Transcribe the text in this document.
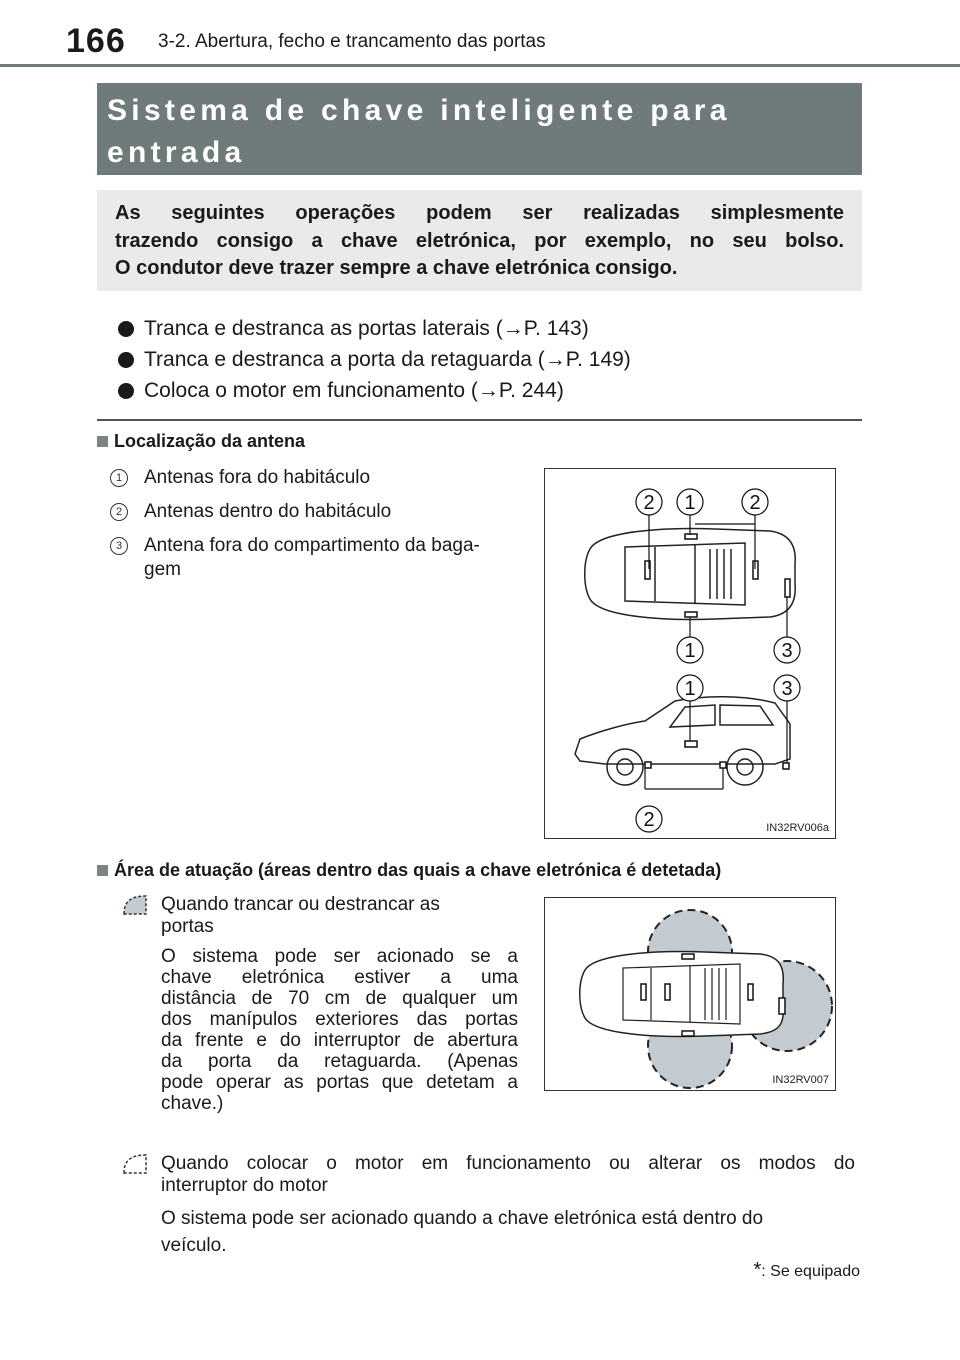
166 3-2. Abertura, fecho e trancamento das portas
Sistema de chave inteligente para entrada
As seguintes operações podem ser realizadas simplesmente
trazendo consigo a chave eletrónica, por exemplo, no seu bolso.
O condutor deve trazer sempre a chave eletrónica consigo.
Tranca e destranca as portas laterais ( → P. 143)
Tranca e destranca a porta da retaguarda ( → P. 149)
Coloca o motor em funcionamento ( → P. 244)
Localização da antena
1	Antenas fora do habitáculo
2	Antenas dentro do habitáculo
3	Antena fora do compartimento da baga-
gem
2 1	2
1	3
1	3
2	IN32RV006a
Área de atuação (áreas dentro das quais a chave eletrónica é detetada)
Quando trancar ou destrancar as
portas
O sistema pode ser acionado se a
chave eletrónica estiver a uma
distância de 70 cm de qualquer um
dos manípulos exteriores das portas
da frente e do interruptor de abertura
da porta da retaguarda. (Apenas
pode operar as portas que detetam a
chave.)
IN32RV007
Quando colocar o motor em funcionamento ou alterar os modos do
interruptor do motor
O sistema pode ser acionado quando a chave eletrónica está dentro do
veículo.
*: Se equipado
